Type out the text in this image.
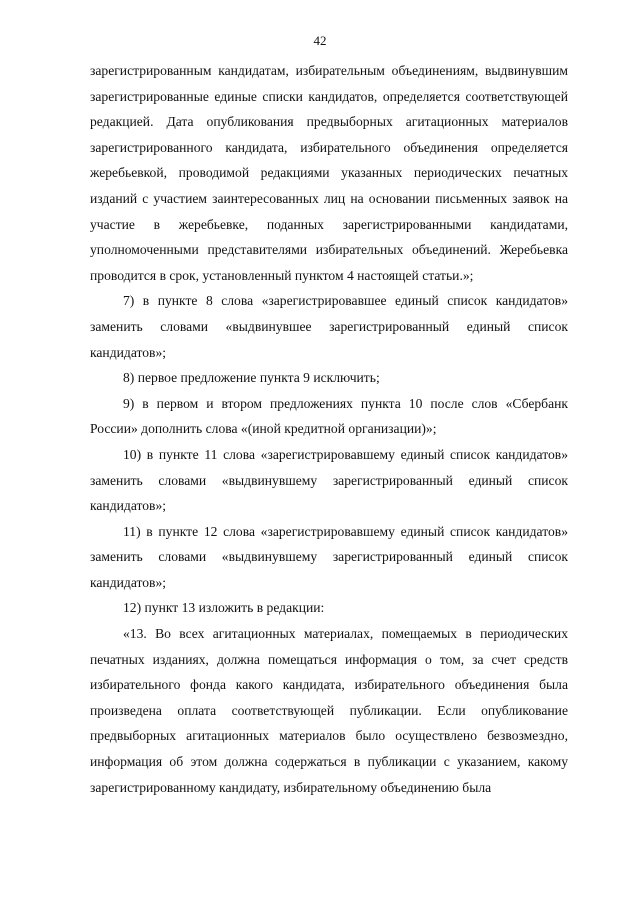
42

зарегистрированным кандидатам, избирательным объединениям, выдвинувшим зарегистрированные единые списки кандидатов, определяется соответствующей редакцией. Дата опубликования предвыборных агитационных материалов зарегистрированного кандидата, избирательного объединения определяется жеребьевкой, проводимой редакциями указанных периодических печатных изданий с участием заинтересованных лиц на основании письменных заявок на участие в жеребьевке, поданных зарегистрированными кандидатами, уполномоченными представителями избирательных объединений. Жеребьевка проводится в срок, установленный пунктом 4 настоящей статьи.»;

7) в пункте 8 слова «зарегистрировавшее единый список кандидатов» заменить словами «выдвинувшее зарегистрированный единый список кандидатов»;

8) первое предложение пункта 9 исключить;

9) в первом и втором предложениях пункта 10 после слов «Сбербанк России» дополнить слова «(иной кредитной организации)»;

10) в пункте 11 слова «зарегистрировавшему единый список кандидатов» заменить словами «выдвинувшему зарегистрированный единый список кандидатов»;

11) в пункте 12 слова «зарегистрировавшему единый список кандидатов» заменить словами «выдвинувшему зарегистрированный единый список кандидатов»;

12) пункт 13 изложить в редакции:

«13. Во всех агитационных материалах, помещаемых в периодических печатных изданиях, должна помещаться информация о том, за счет средств избирательного фонда какого кандидата, избирательного объединения была произведена оплата соответствующей публикации. Если опубликование предвыборных агитационных материалов было осуществлено безвозмездно, информация об этом должна содержаться в публикации с указанием, какому зарегистрированному кандидату, избирательному объединению была
